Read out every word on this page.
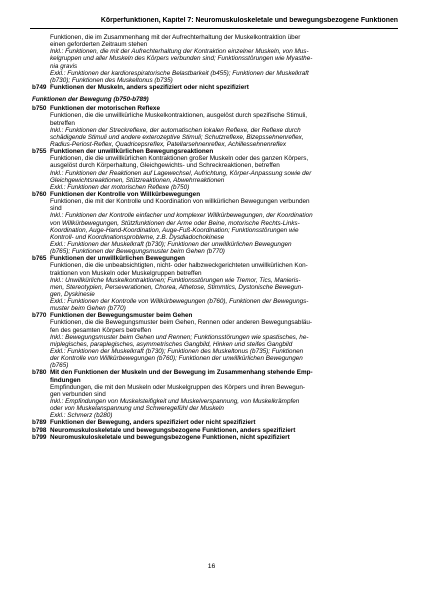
Körperfunktionen, Kapitel 7: Neuromuskuloskeletale und bewegungsbezogene Funktionen
Funktionen, die im Zusammenhang mit der Aufrechterhaltung der Muskelkontraktion über
einen geforderten Zeitraum stehen
Inkl.: Funktionen, die mit der Aufrechterhaltung der Kontraktion einzelner Muskeln, von Mus-
kelgruppen und aller Muskeln des Körpers verbunden sind; Funktionsstörungen wie Myasthe-
nia gravis
Exkl.: Funktionen der kardiorespiratorische Belastbarkeit (b455); Funktionen der Muskelkraft
(b730); Funktionen des Muskeltonus (b735)
b749 Funktionen der Muskeln, anders spezifiziert oder nicht spezifiziert
Funktionen der Bewegung (b750-b789)
b750 Funktionen der motorischen Reflexe
Funktionen, die die unwillkürliche Muskelkontraktionen, ausgelöst durch spezifische Stimuli,
betreffen
Inkl.: Funktionen der Streckreflexe, der automatischen lokalen Reflexe, der Reflexe durch
schädigende Stimuli und andere exterozeptive Stimuli; Schutzreflexe, Bizepssehnenreflex,
Radius-Periost-Reflex, Quadricepsreflex, Patellarsehnenreflex, Achillessehnenreflex
b755 Funktionen der unwillkürlichen Bewegungsreaktionen
Funktionen, die die unwillkürlichen Kontraktionen großer Muskeln oder des ganzen Körpers,
ausgelöst durch Körperhaltung, Gleichgewichts- und Schreckreaktionen, betreffen
Inkl.: Funktionen der Reaktionen auf Lagewechsel, Aufrichtung, Körper-Anpassung sowie der
Gleichgewichtsreaktionen, Stützreaktionen, Abwehrreaktionen
Exkl.: Funktionen der motorischen Reflexe (b750)
b760 Funktionen der Kontrolle von Willkürbewegungen
Funktionen, die mit der Kontrolle und Koordination von willkürlichen Bewegungen verbunden
sind
Inkl.: Funktionen der Kontrolle einfacher und komplexer Willkürbewegungen, der Koordination
von Willkürbewegungen, Stützfunktionen der Arme oder Beine, motorische Rechts-Links-
Koordination, Auge-Hand-Koordination, Auge-Fuß-Koordination; Funktionsstörungen wie
Kontroll- und Koordinationsprobleme, z.B. Dysdiadochokinese
Exkl.: Funktionen der Muskelkraft (b730); Funktionen der unwillkürlichen Bewegungen
(b765); Funktionen der Bewegungsmuster beim Gehen (b770)
b765 Funktionen der unwillkürlichen Bewegungen
Funktionen, die die unbeabsichtigten, nicht- oder halbzweckgerichteten unwillkürlichen Kon-
traktionen von Muskeln oder Muskelgruppen betreffen
Inkl.: Unwillkürliche Muskelkontraktionen; Funktionsstörungen wie Tremor, Tics, Manieris-
men, Stereotypien, Perseverationen, Chorea, Athetose, Stimmtics, Dystonische Bewegun-
gen, Dyskinesie
Exkl.: Funktionen der Kontrolle von Willkürbewegungen (b760), Funktionen der Bewegungs-
muster beim Gehen (b770)
b770 Funktionen der Bewegungsmuster beim Gehen
Funktionen, die die Bewegungsmuster beim Gehen, Rennen oder anderen Bewegungsabläu-
fen des gesamten Körpers betreffen
Inkl.: Bewegungsmuster beim Gehen und Rennen; Funktionsstörungen wie spastisches, he-
miplegisches, paraplegisches, asymmetrisches Gangbild, Hinken und steifes Gangbild
Exkl.: Funktionen der Muskelkraft (b730); Funktionen des Muskeltonus (b735); Funktionen
der Kontrolle von Willkürbewegungen (b760); Funktionen der unwillkürlichen Bewegungen
(b765)
b780 Mit den Funktionen der Muskeln und der Bewegung im Zusammenhang stehende Emp-
findungen
Empfindungen, die mit den Muskeln oder Muskelgruppen des Körpers und ihren Bewegun-
gen verbunden sind
Inkl.: Empfindungen von Muskelsteifigkeit und Muskelverspannung, von Muskelkrämpfen
oder von Muskelanspannung und Schweregefühl der Muskeln
Exkl.: Schmerz (b280)
b789 Funktionen der Bewegung, anders spezifiziert oder nicht spezifiziert
b798 Neuromuskuloskeletale und bewegungsbezogene Funktionen, anders spezifiziert
b799 Neuromuskuloskeletale und bewegungsbezogene Funktionen, nicht spezifiziert
16
